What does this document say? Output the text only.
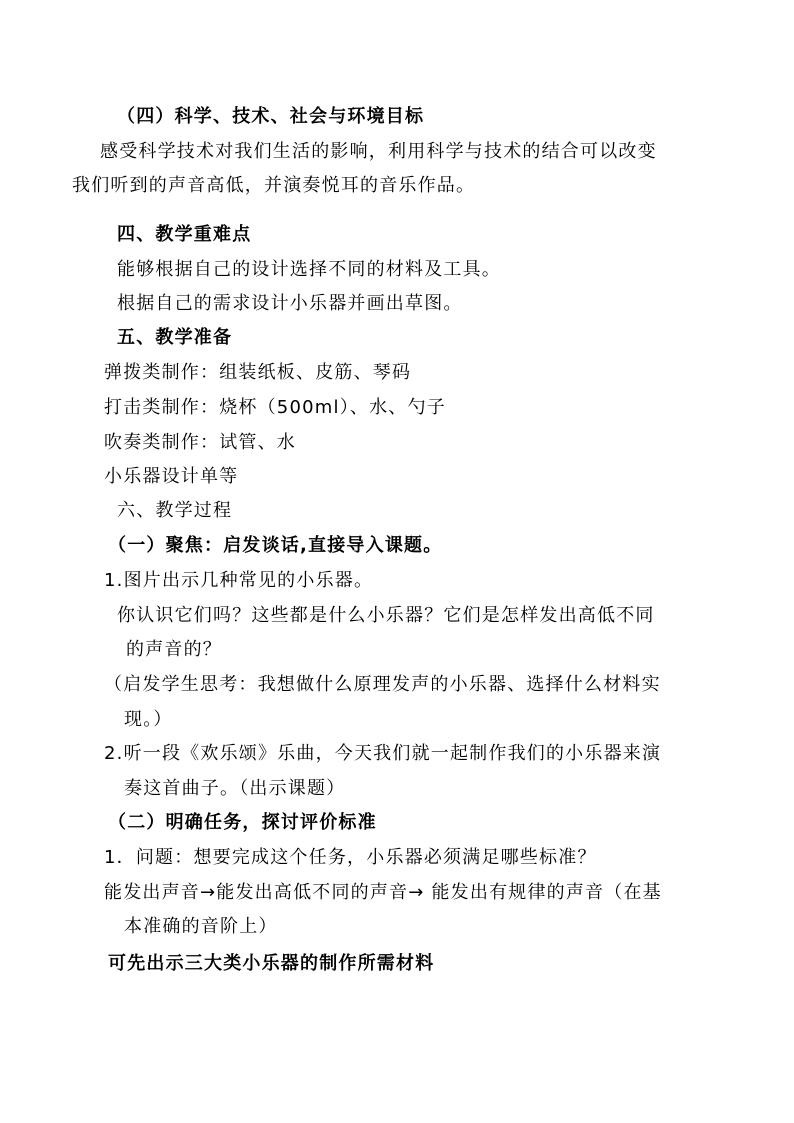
（四）科学、技术、社会与环境目标
感受科学技术对我们生活的影响，利用科学与技术的结合可以改变
我们听到的声音高低，并演奏悦耳的音乐作品。
四、教学重难点
能够根据自己的设计选择不同的材料及工具。
根据自己的需求设计小乐器并画出草图。
五、教学准备
弹拨类制作：组装纸板、皮筋、琴码
打击类制作：烧杯（500ml）、水、勺子
吹奏类制作：试管、水
小乐器设计单等
六、教学过程
（一）聚焦：启发谈话,直接导入课题。
1.图片出示几种常见的小乐器。
你认识它们吗？这些都是什么小乐器？它们是怎样发出高低不同
的声音的？
（启发学生思考：我想做什么原理发声的小乐器、选择什么材料实
现。）
2.听一段《欢乐颂》乐曲，今天我们就一起制作我们的小乐器来演
奏这首曲子。（出示课题）
（二）明确任务，探讨评价标准
1．问题：想要完成这个任务，小乐器必须满足哪些标准？
能发出声音→能发出高低不同的声音→ 能发出有规律的声音（在基
本准确的音阶上）
可先出示三大类小乐器的制作所需材料
